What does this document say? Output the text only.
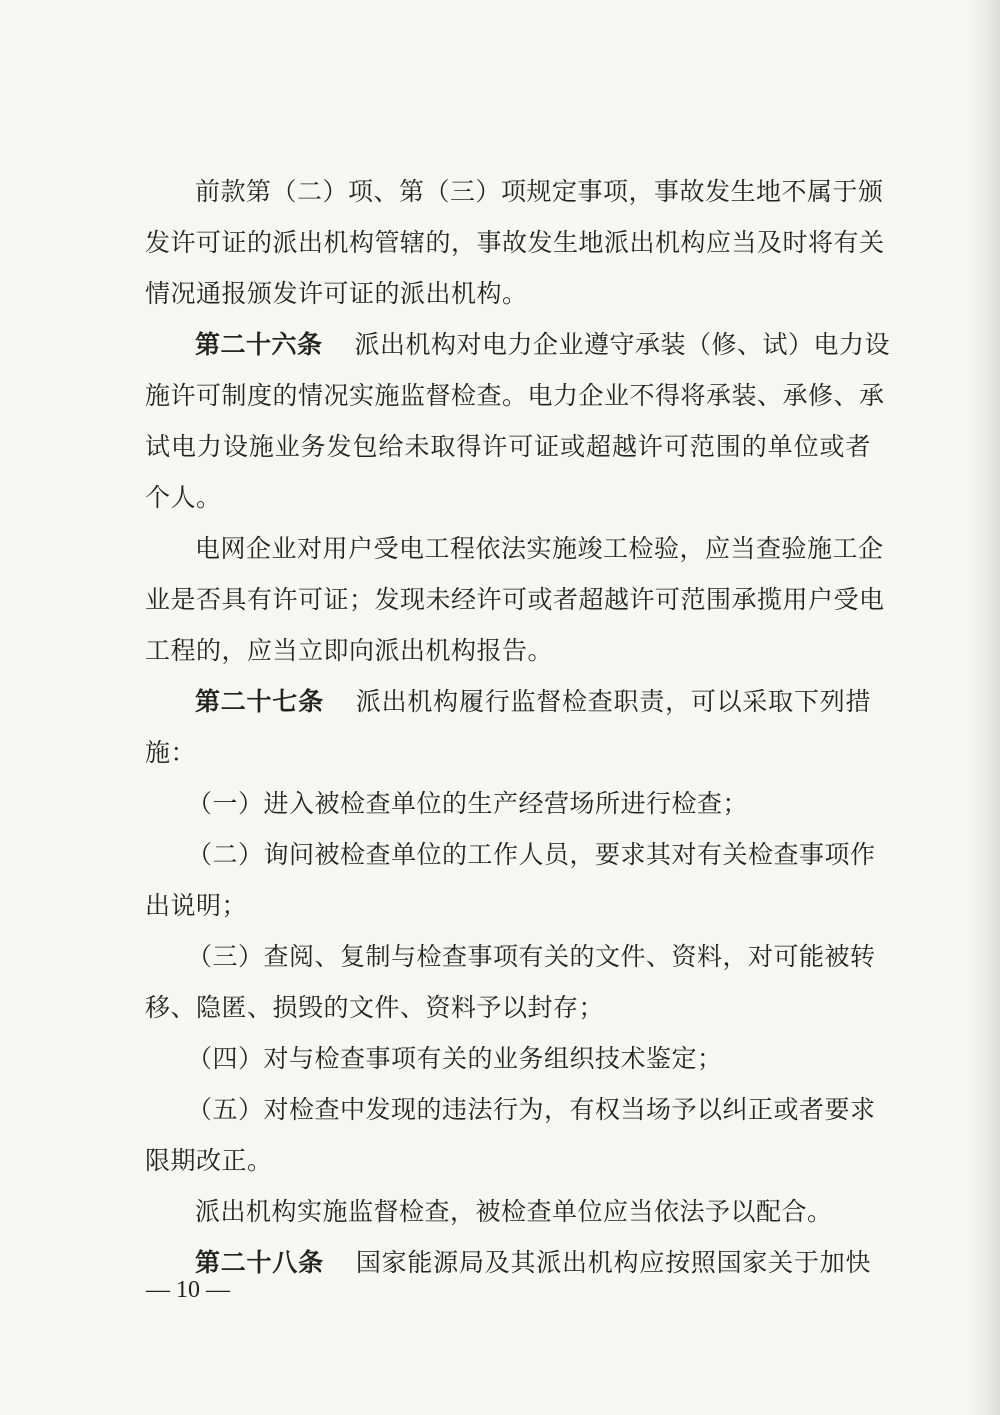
前款第（二）项、第（三）项规定事项，事故发生地不属于颁
发许可证的派出机构管辖的，事故发生地派出机构应当及时将有关
情况通报颁发许可证的派出机构。
第二十六条 派出机构对电力企业遵守承装（修、试）电力设
施许可制度的情况实施监督检查。电力企业不得将承装、承修、承
试电力设施业务发包给未取得许可证或超越许可范围的单位或者
个人。
电网企业对用户受电工程依法实施竣工检验，应当查验施工企
业是否具有许可证；发现未经许可或者超越许可范围承揽用户受电
工程的，应当立即向派出机构报告。
第二十七条 派出机构履行监督检查职责，可以采取下列措
施：
（一）进入被检查单位的生产经营场所进行检查；
（二）询问被检查单位的工作人员，要求其对有关检查事项作
出说明；
（三）查阅、复制与检查事项有关的文件、资料，对可能被转
移、隐匿、损毁的文件、资料予以封存；
（四）对与检查事项有关的业务组织技术鉴定；
（五）对检查中发现的违法行为，有权当场予以纠正或者要求
限期改正。
派出机构实施监督检查，被检查单位应当依法予以配合。
第二十八条 国家能源局及其派出机构应按照国家关于加快
— 10 —
